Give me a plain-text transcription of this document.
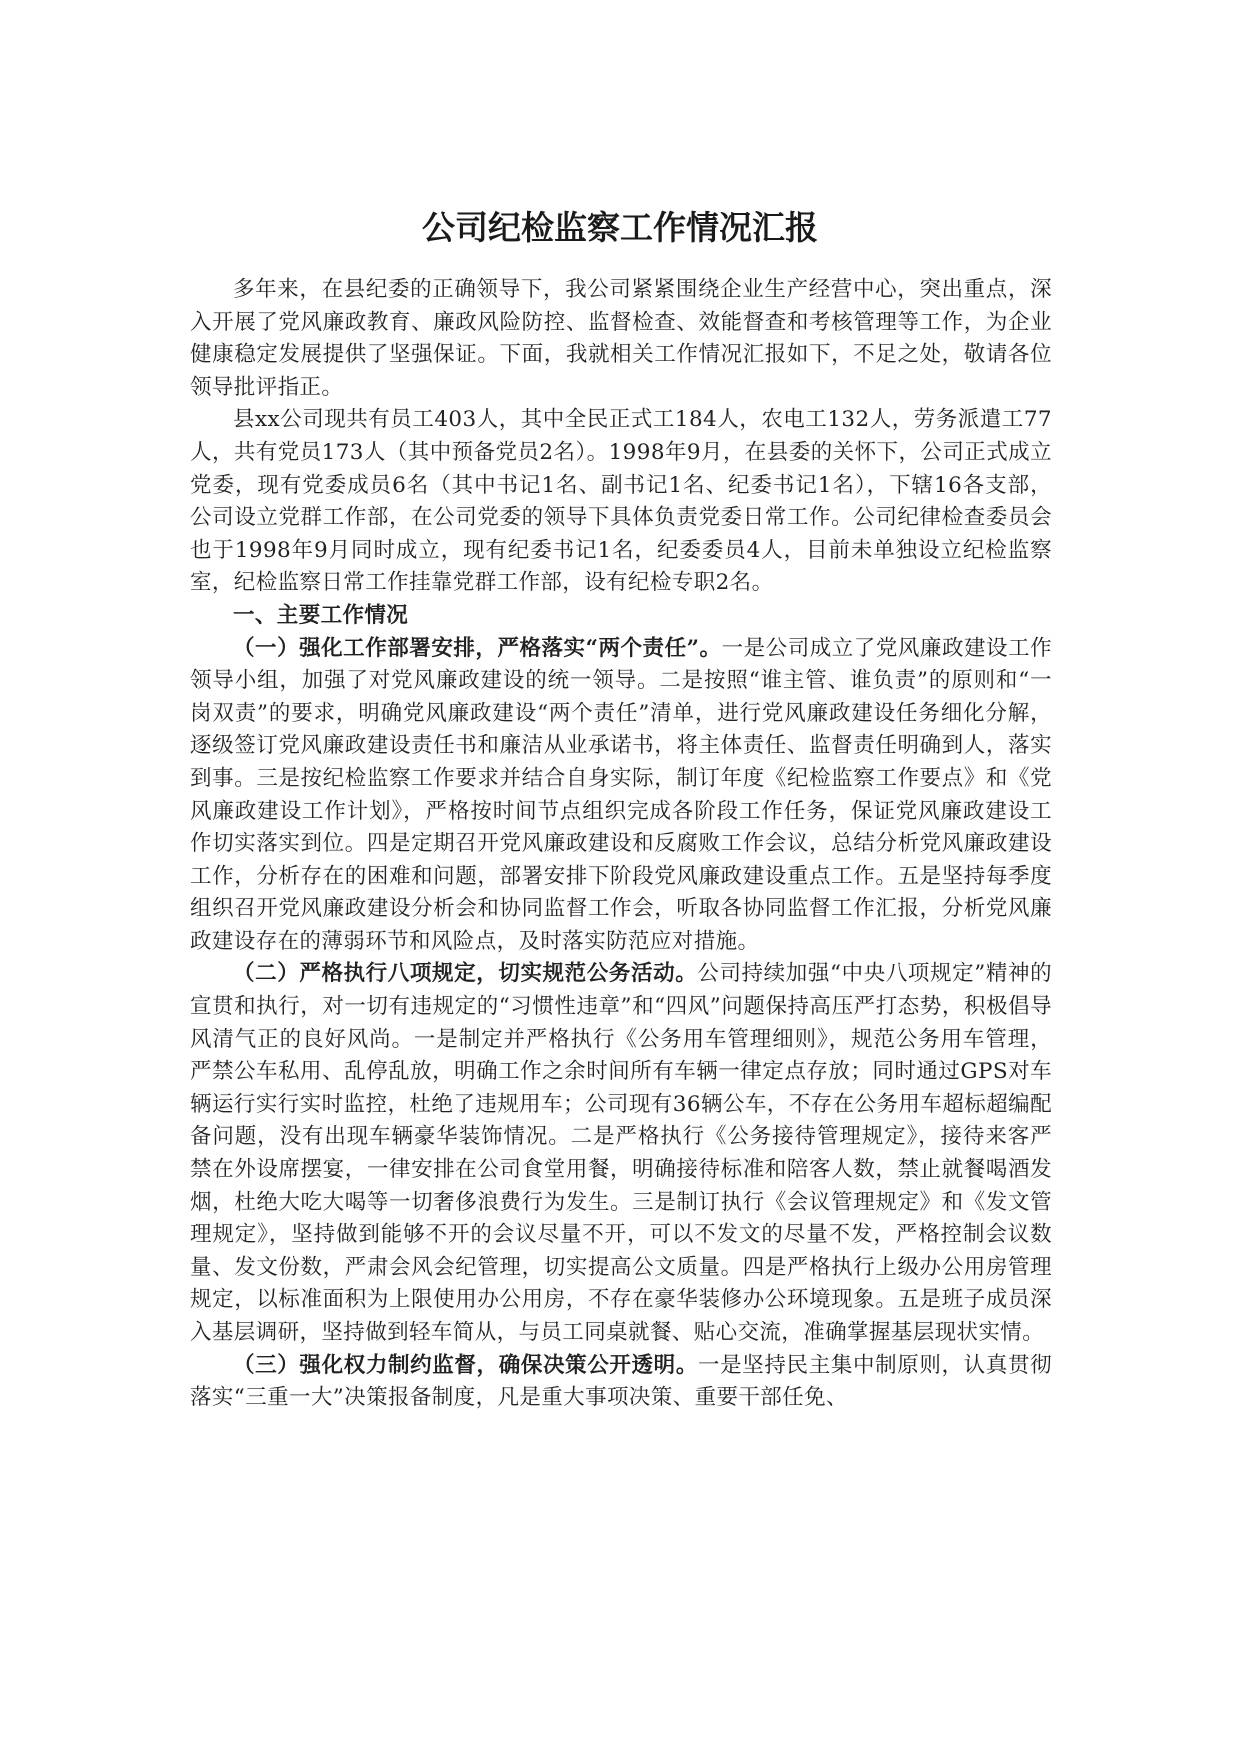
公司纪检监察工作情况汇报

多年来，在县纪委的正确领导下，我公司紧紧围绕企业生产经营中心，突出重点，深入开展了党风廉政教育、廉政风险防控、监督检查、效能督查和考核管理等工作，为企业健康稳定发展提供了坚强保证。下面，我就相关工作情况汇报如下，不足之处，敬请各位领导批评指正。

县xx公司现共有员工403人，其中全民正式工184人，农电工132人，劳务派遣工77人，共有党员173人（其中预备党员2名）。1998年9月，在县委的关怀下，公司正式成立党委，现有党委成员6名（其中书记1名、副书记1名、纪委书记1名），下辖16各支部，公司设立党群工作部，在公司党委的领导下具体负责党委日常工作。公司纪律检查委员会也于1998年9月同时成立，现有纪委书记1名，纪委委员4人，目前未单独设立纪检监察室，纪检监察日常工作挂靠党群工作部，设有纪检专职2名。

一、主要工作情况

（一）强化工作部署安排，严格落实“两个责任”。一是公司成立了党风廉政建设工作领导小组，加强了对党风廉政建设的统一领导。二是按照“谁主管、谁负责”的原则和“一岗双责”的要求，明确党风廉政建设“两个责任”清单，进行党风廉政建设任务细化分解，逐级签订党风廉政建设责任书和廉洁从业承诺书，将主体责任、监督责任明确到人，落实到事。三是按纪检监察工作要求并结合自身实际，制订年度《纪检监察工作要点》和《党风廉政建设工作计划》，严格按时间节点组织完成各阶段工作任务，保证党风廉政建设工作切实落实到位。四是定期召开党风廉政建设和反腐败工作会议，总结分析党风廉政建设工作，分析存在的困难和问题，部署安排下阶段党风廉政建设重点工作。五是坚持每季度组织召开党风廉政建设分析会和协同监督工作会，听取各协同监督工作汇报，分析党风廉政建设存在的薄弱环节和风险点，及时落实防范应对措施。

（二）严格执行八项规定，切实规范公务活动。公司持续加强“中央八项规定”精神的宣贯和执行，对一切有违规定的“习惯性违章”和“四风”问题保持高压严打态势，积极倡导风清气正的良好风尚。一是制定并严格执行《公务用车管理细则》，规范公务用车管理，严禁公车私用、乱停乱放，明确工作之余时间所有车辆一律定点存放；同时通过GPS对车辆运行实行实时监控，杜绝了违规用车；公司现有36辆公车，不存在公务用车超标超编配备问题，没有出现车辆豪华装饰情况。二是严格执行《公务接待管理规定》，接待来客严禁在外设席摆宴，一律安排在公司食堂用餐，明确接待标准和陪客人数，禁止就餐喝酒发烟，杜绝大吃大喝等一切奢侈浪费行为发生。三是制订执行《会议管理规定》和《发文管理规定》，坚持做到能够不开的会议尽量不开，可以不发文的尽量不发，严格控制会议数量、发文份数，严肃会风会纪管理，切实提高公文质量。四是严格执行上级办公用房管理规定，以标准面积为上限使用办公用房，不存在豪华装修办公环境现象。五是班子成员深入基层调研，坚持做到轻车简从，与员工同桌就餐、贴心交流，准确掌握基层现状实情。

（三）强化权力制约监督，确保决策公开透明。一是坚持民主集中制原则，认真贯彻落实“三重一大”决策报备制度，凡是重大事项决策、重要干部任免、
